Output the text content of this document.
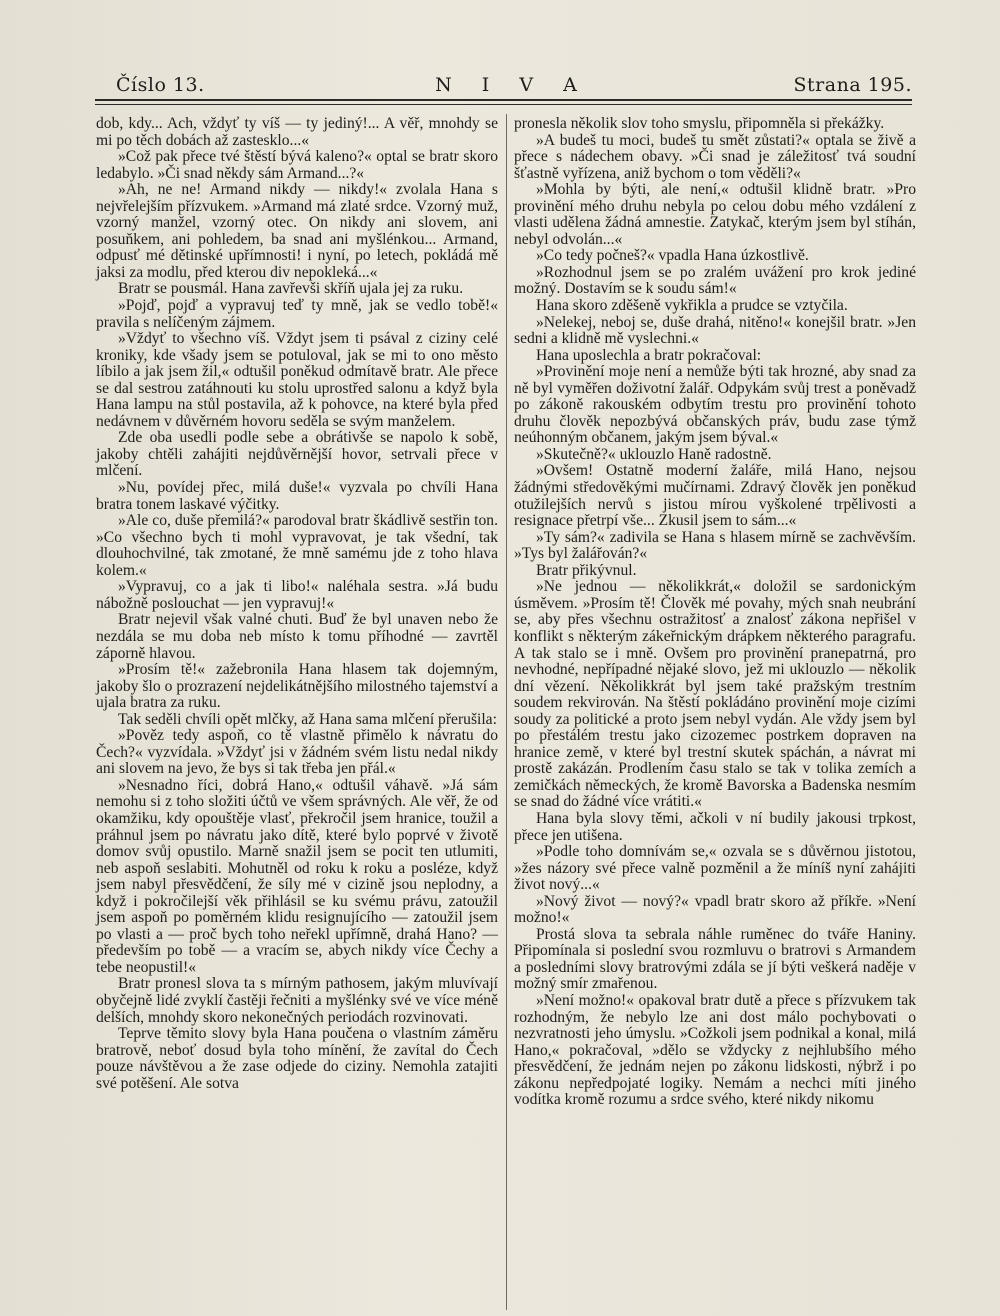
Číslo 13.	N I V A	Strana 195.

dob, kdy... Ach, vždyť ty víš — ty jediný!... A věř, mnohdy se mi po těch dobách až zastesklo...«

»Což pak přece tvé štěstí bývá kaleno?« optal se bratr skoro ledabylo. »Či snad někdy sám Armand...?«

»Ah, ne ne! Armand nikdy — nikdy!« zvolala Hana s nejvřelejším přízvukem. »Armand má zlaté srdce. Vzorný muž, vzorný manžel, vzorný otec. On nikdy ani slovem, ani posuňkem, ani pohledem, ba snad ani myšlénkou... Armand, odpusť mé dětinské upřímnosti! i nyní, po letech, pokládá mě jaksi za modlu, před kterou div nepokleká...«

Bratr se pousmál. Hana zavřevši skříň ujala jej za ruku.

»Pojď, pojď a vypravuj teď ty mně, jak se vedlo tobě!« pravila s nelíčeným zájmem.

»Vždyť to všechno víš. Vždyt jsem ti psával z ciziny celé kroniky, kde všady jsem se potuloval, jak se mi to ono město líbilo a jak jsem žil,« odtušil poněkud odmítavě bratr. Ale přece se dal sestrou zatáhnouti ku stolu uprostřed salonu a když byla Hana lampu na stůl postavila, až k pohovce, na které byla před nedávnem v důvěrném hovoru seděla se svým manželem.

Zde oba usedli podle sebe a obrátivše se napolo k sobě, jakoby chtěli zahájiti nejdůvěrnější hovor, setrvali přece v mlčení.

»Nu, povídej přec, milá duše!« vyzvala po chvíli Hana bratra tonem laskavé výčitky.

»Ale co, duše přemilá?« parodoval bratr škádlivě sestřin ton. »Co všechno bych ti mohl vypravovat, je tak všední, tak dlouhochvilné, tak zmotané, že mně samému jde z toho hlava kolem.«

»Vypravuj, co a jak ti libo!« naléhala sestra. »Já budu nábožně poslouchat — jen vypravuj!«

Bratr nejevil však valné chuti. Buď že byl unaven nebo že nezdála se mu doba neb místo k tomu příhodné — zavrtěl záporně hlavou.

»Prosím tě!« zažebronila Hana hlasem tak dojemným, jakoby šlo o prozrazení nejdelikátnějšího milostného tajemství a ujala bratra za ruku.

Tak seděli chvíli opět mlčky, až Hana sama mlčení přerušila:

»Pověz tedy aspoň, co tě vlastně přimělo k návratu do Čech?« vyzvídala. »Vždyť jsi v žádném svém listu nedal nikdy ani slovem na jevo, že bys si tak třeba jen přál.«

»Nesnadno říci, dobrá Hano,« odtušil váhavě. »Já sám nemohu si z toho složiti účtů ve všem správných. Ale věř, že od okamžiku, kdy opouštěje vlasť, překročil jsem hranice, toužil a práhnul jsem po návratu jako dítě, které bylo poprvé v životě domov svůj opustilo. Marně snažil jsem se pocit ten utlumiti, neb aspoň seslabiti. Mohutněl od roku k roku a posléze, když jsem nabyl přesvědčení, že síly mé v cizině jsou neplodny, a když i pokročilejší věk přihlásil se ku svému právu, zatoužil jsem aspoň po poměrném klidu resignujícího — zatoužil jsem po vlasti a — proč bych toho neřekl upřímně, drahá Hano? — především po tobě — a vracím se, abych nikdy více Čechy a tebe neopustil!«

Bratr pronesl slova ta s mírným pathosem, jakým mluvívají obyčejně lidé zvyklí častěji řečniti a myšlénky své ve více méně delších, mnohdy skoro nekonečných periodách rozvinovati.

Teprve těmito slovy byla Hana poučena o vlastním záměru bratrově, neboť dosud byla toho mínění, že zavítal do Čech pouze návštěvou a že zase odjede do ciziny. Nemohla zatajiti své potěšení. Ale sotva

pronesla několik slov toho smyslu, připomněla si překážky.

»A budeš tu moci, budeš tu smět zůstati?« optala se živě a přece s nádechem obavy. »Či snad je záležitosť tvá soudní šťastně vyřízena, aniž bychom o tom věděli?«

»Mohla by býti, ale není,« odtušil klidně bratr. »Pro provinění mého druhu nebyla po celou dobu mého vzdálení z vlasti udělena žádná amnestie. Zatykač, kterým jsem byl stíhán, nebyl odvolán...«

»Co tedy počneš?« vpadla Hana úzkostlivě.

»Rozhodnul jsem se po zralém uvážení pro krok jediné možný. Dostavím se k soudu sám!«

Hana skoro zděšeně vykřikla a prudce se vztyčila.

»Nelekej, neboj se, duše drahá, nitěno!« konejšil bratr. »Jen sedni a klidně mě vyslechni.«

Hana uposlechla a bratr pokračoval:

»Provinění moje není a nemůže býti tak hrozné, aby snad za ně byl vyměřen doživotní žalář. Odpykám svůj trest a poněvadž po zákoně rakouském odbytím trestu pro provinění tohoto druhu člověk nepozbývá občanských práv, budu zase týmž neúhonným občanem, jakým jsem býval.«

»Skutečně?« uklouzlo Haně radostně.

»Ovšem! Ostatně moderní žaláře, milá Hano, nejsou žádnými středověkými mučírnami. Zdravý člověk jen poněkud otužilejších nervů s jistou mírou vyškolené trpělivosti a resignace přetrpí vše... Zkusil jsem to sám...«

»Ty sám?« zadivila se Hana s hlasem mírně se zachvěvším. »Tys byl žalářován?«

Bratr přikývnul.

»Ne jednou — několikkrát,« doložil se sardonickým úsměvem. »Prosím tě! Člověk mé povahy, mých snah neubrání se, aby přes všechnu ostražitosť a znalosť zákona nepřišel v konflikt s některým zákeřnickým drápkem některého paragrafu. A tak stalo se i mně. Ovšem pro provinění pranepatrná, pro nevhodné, nepřípadné nějaké slovo, jež mi uklouzlo — několik dní vězení. Několikkrát byl jsem také pražským trestním soudem rekvirován. Na štěstí pokládáno provinění moje cizími soudy za politické a proto jsem nebyl vydán. Ale vždy jsem byl po přestálém trestu jako cizozemec postrkem dopraven na hranice země, v které byl trestní skutek spáchán, a návrat mi prostě zakázán. Prodlením času stalo se tak v tolika zemích a zemičkách německých, že kromě Bavorska a Badenska nesmím se snad do žádné více vrátiti.«

Hana byla slovy těmi, ačkoli v ní budily jakousi trpkost, přece jen utišena.

»Podle toho domnívám se,« ozvala se s důvěrnou jistotou, »žes názory své přece valně pozměnil a že míníš nyní zahájiti život nový...«

»Nový život — nový?« vpadl bratr skoro až příkře. »Není možno!«

Prostá slova ta sebrala náhle ruměnec do tváře Haniny. Připomínala si poslední svou rozmluvu o bratrovi s Armandem a posledními slovy bratrovými zdála se jí býti veškerá naděje v možný smír zmařenou.

»Není možno!« opakoval bratr dutě a přece s přízvukem tak rozhodným, že nebylo lze ani dost málo pochybovati o nezvratnosti jeho úmyslu. »Cožkoli jsem podnikal a konal, milá Hano,« pokračoval, »dělo se vždycky z nejhlubšího mého přesvědčení, že jednám nejen po zákonu lidskosti, nýbrž i po zákonu nepředpojaté logiky. Nemám a nechci míti jiného vodítka kromě rozumu a srdce svého, které nikdy nikomu
